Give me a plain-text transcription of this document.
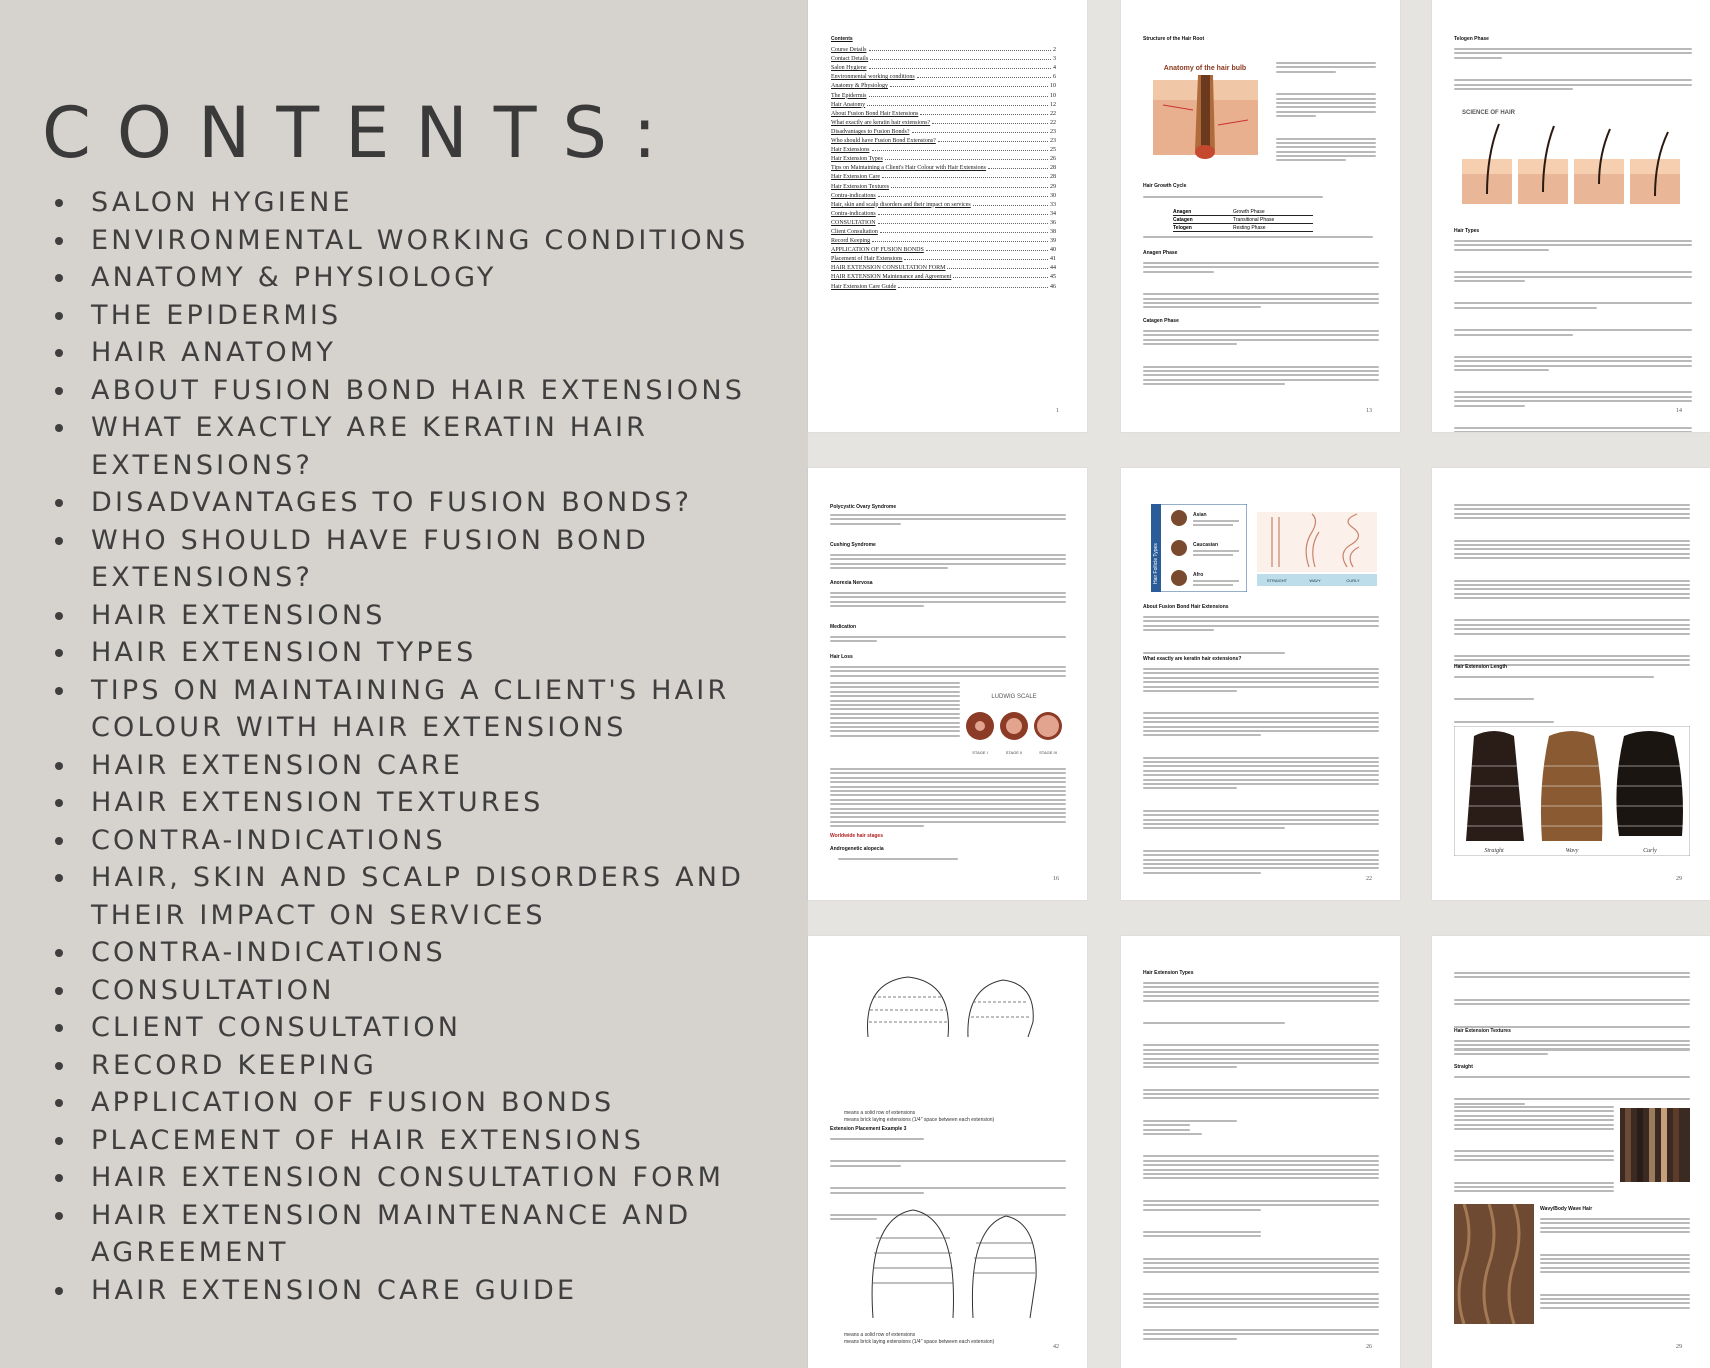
CONTENTS:
SALON HYGIENE
ENVIRONMENTAL WORKING CONDITIONS
ANATOMY & PHYSIOLOGY
THE EPIDERMIS
HAIR ANATOMY
ABOUT FUSION BOND HAIR EXTENSIONS
WHAT EXACTLY ARE KERATIN HAIR EXTENSIONS?
DISADVANTAGES TO FUSION BONDS?
WHO SHOULD HAVE FUSION BOND EXTENSIONS?
HAIR EXTENSIONS
HAIR EXTENSION TYPES
TIPS ON MAINTAINING A CLIENT'S HAIR COLOUR WITH HAIR EXTENSIONS
HAIR EXTENSION CARE
HAIR EXTENSION TEXTURES
CONTRA-INDICATIONS
HAIR, SKIN AND SCALP DISORDERS AND THEIR IMPACT ON SERVICES
CONTRA-INDICATIONS
CONSULTATION
CLIENT CONSULTATION
RECORD KEEPING
APPLICATION OF FUSION BONDS
PLACEMENT OF HAIR EXTENSIONS
HAIR EXTENSION CONSULTATION FORM
HAIR EXTENSION MAINTENANCE AND AGREEMENT
HAIR EXTENSION CARE GUIDE
Contents
Course Details	2
Contact Details	3
Salon Hygiene	4
Environmental working conditions	6
Anatomy & Physiology	10
The Epidermis	10
Hair Anatomy	12
About Fusion Bond Hair Extensions	22
What exactly are keratin hair extensions?	22
Disadvantages to Fusion Bonds?	23
Who should have Fusion Bond Extensions?	23
Hair Extensions	25
Hair Extension Types	26
Tips on Maintaining a Client's Hair Colour with Hair Extensions	28
Hair Extension Care	28
Hair Extension Textures	29
Contra-indications	30
Hair, skin and scalp disorders and their impact on services	33
Contra-indications	34
CONSULTATION	36
Client Consultation	38
Record Keeping	39
APPLICATION OF FUSION BONDS	40
Placement of Hair Extensions	41
HAIR EXTENSION CONSULTATION FORM	44
HAIR EXTENSION Maintenance and Agreement	45
Hair Extension Care Guide	46
1
Structure of the Hair Root
Anatomy of the hair bulb

Hair Growth Cycle
Anagen	Growth Phase
Catagen	Transitional Phase
Telogen	Resting Phase
Anagen Phase

Catagen Phase

13
Telogen Phase

SCIENCE OF HAIR
Hair Types

14
Polycystic Ovary Syndrome
Cushing Syndrome
Anorexia Nervosa
Medication
Hair Loss
LUDWIG SCALE
STAGE I	STAGE II	STAGE III
Worldwide hair stages
Androgenetic alopecia
16
Hair Follicle Types
Asian
Caucasian
Afro
STRAIGHT	WAVY	CURLY
About Fusion Bond Hair Extensions

What exactly are keratin hair extensions?

22

Hair Extension Length

Straight	Wavy	Curly
29
means a solid row of extensions
means brick laying extensions (1/4" space between each extension)
Extension Placement Example 3

means a solid row of extensions
means brick laying extensions (1/4" space between each extension)
42
Hair Extension Types

26

Hair Extension Textures
Straight

Wavy/Body Wave Hair

29
